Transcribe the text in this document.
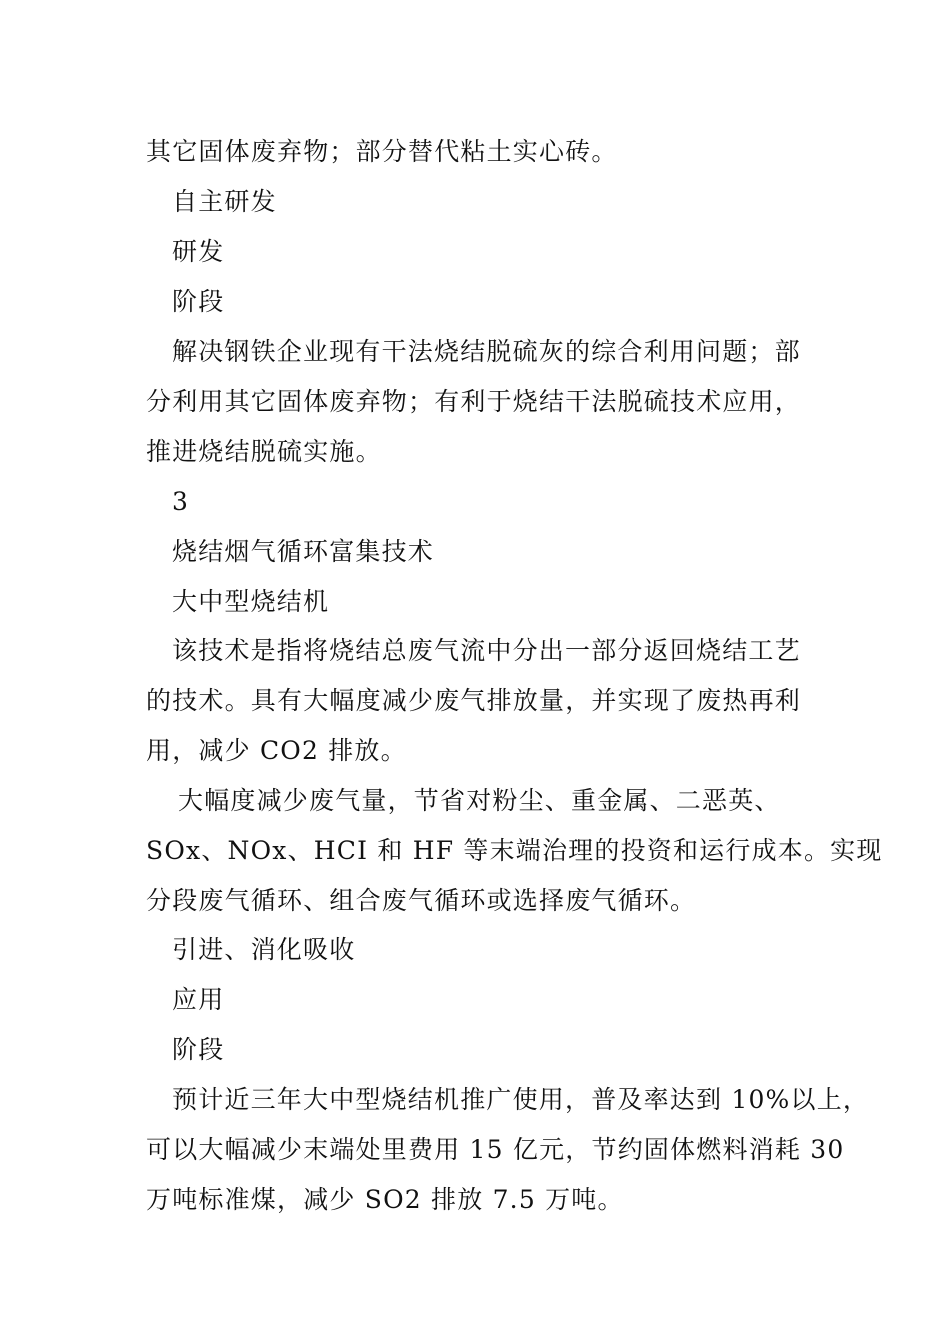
其它固体废弃物；部分替代粘土实心砖。
自主研发
研发
阶段
解决钢铁企业现有干法烧结脱硫灰的综合利用问题；部
分利用其它固体废弃物；有利于烧结干法脱硫技术应用，
推进烧结脱硫实施。
3
烧结烟气循环富集技术
大中型烧结机
该技术是指将烧结总废气流中分出一部分返回烧结工艺
的技术。具有大幅度减少废气排放量，并实现了废热再利
用，减少 CO2 排放。
大幅度减少废气量，节省对粉尘、重金属、二恶英、
SOx、NOx、HCI 和 HF 等末端治理的投资和运行成本。实现
分段废气循环、组合废气循环或选择废气循环。
引进、消化吸收
应用
阶段
预计近三年大中型烧结机推广使用，普及率达到 10%以上，
可以大幅减少末端处里费用 15 亿元，节约固体燃料消耗 30
万吨标准煤，减少 SO2 排放 7.5 万吨。
